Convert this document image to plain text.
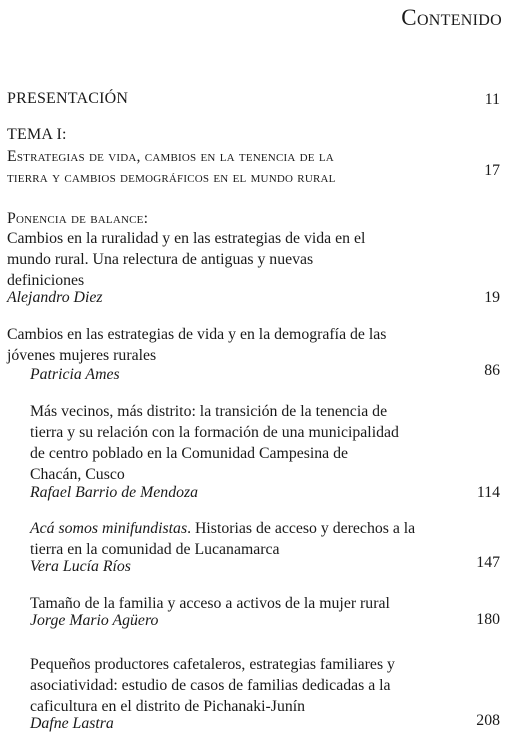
Contenido
PRESENTACIÓN	11
TEMA I:
Estrategias de vida, cambios en la tenencia de la
tierra y cambios demográficos en el mundo rural	17
Ponencia de balance:
Cambios en la ruralidad y en las estrategias de vida en el
mundo rural. Una relectura de antiguas y nuevas
definiciones
Alejandro Diez	19
Cambios en las estrategias de vida y en la demografía de las
jóvenes mujeres rurales
Patricia Ames	86
Más vecinos, más distrito: la transición de la tenencia de
tierra y su relación con la formación de una municipalidad
de centro poblado en la Comunidad Campesina de
Chacán, Cusco
Rafael Barrio de Mendoza	114
Acá somos minifundistas. Historias de acceso y derechos a la
tierra en la comunidad de Lucanamarca
Vera Lucía Ríos	147
Tamaño de la familia y acceso a activos de la mujer rural
Jorge Mario Agüero	180
Pequeños productores cafetaleros, estrategias familiares y
asociatividad: estudio de casos de familias dedicadas a la
caficultura en el distrito de Pichanaki-Junín
Dafne Lastra	208
